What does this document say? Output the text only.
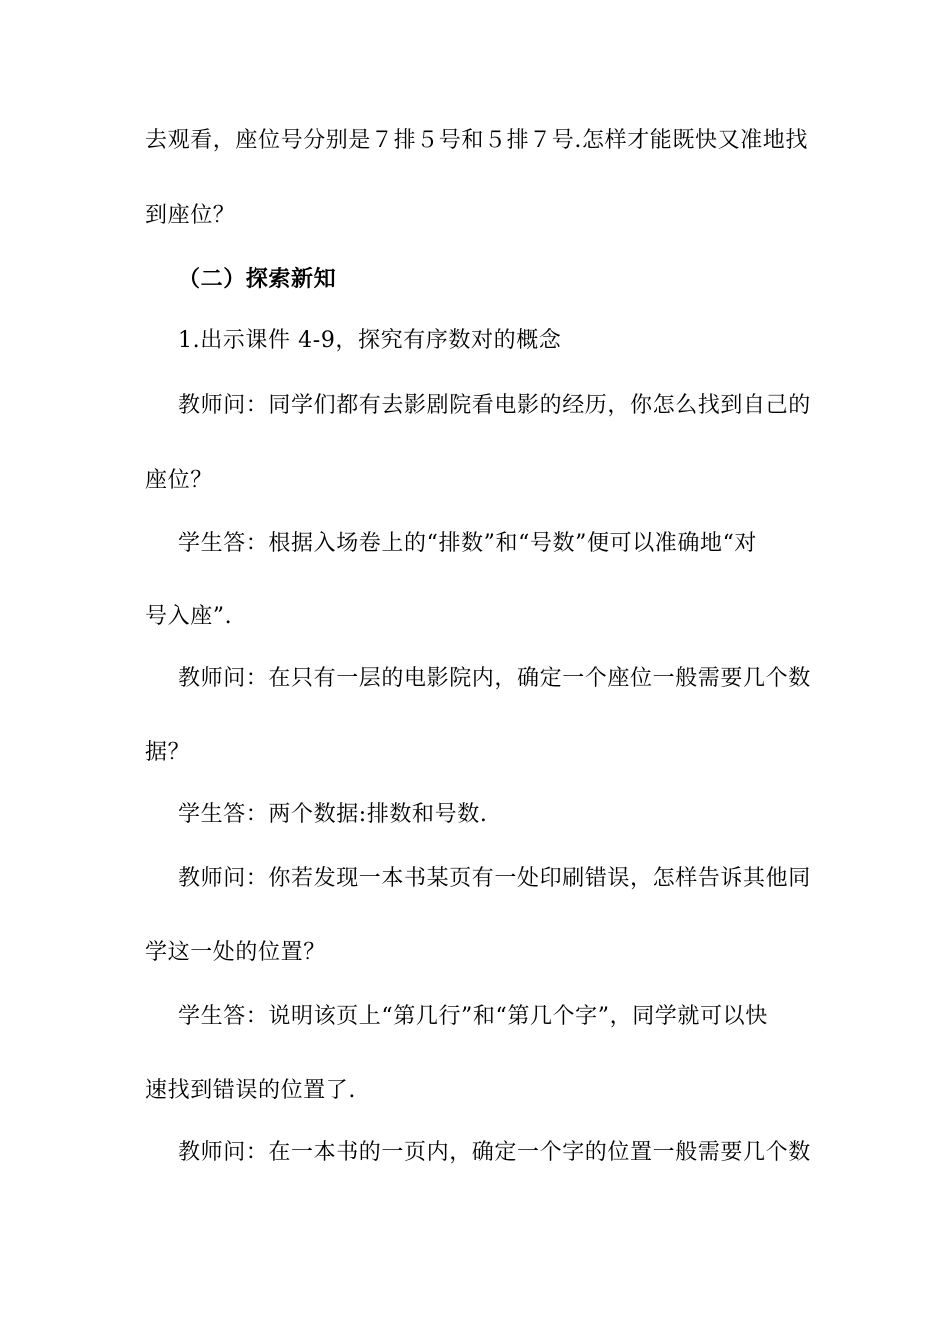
去观看，座位号分别是７排５号和５排７号.怎样才能既快又准地找
到座位？
（二）探索新知
1.出示课件 4-9，探究有序数对的概念
教师问：同学们都有去影剧院看电影的经历，你怎么找到自己的
座位？
学生答：根据入场卷上的“排数”和“号数”便可以准确地“对
号入座”.
教师问：在只有一层的电影院内，确定一个座位一般需要几个数
据？
学生答：两个数据:排数和号数.
教师问：你若发现一本书某页有一处印刷错误，怎样告诉其他同
学这一处的位置？
学生答：说明该页上“第几行”和“第几个字”，同学就可以快
速找到错误的位置了.
教师问：在一本书的一页内，确定一个字的位置一般需要几个数
